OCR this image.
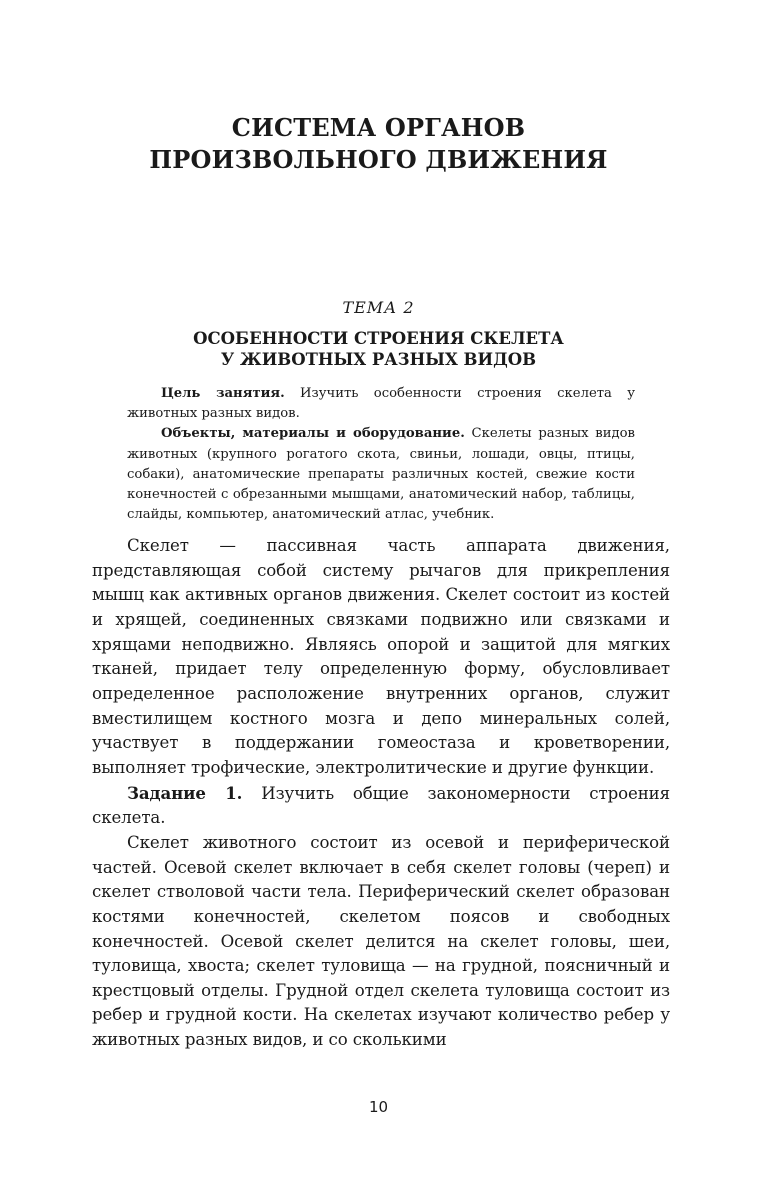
СИСТЕМА ОРГАНОВ
ПРОИЗВОЛЬНОГО ДВИЖЕНИЯ
ТЕМА 2
ОСОБЕННОСТИ СТРОЕНИЯ СКЕЛЕТА
У ЖИВОТНЫХ РАЗНЫХ ВИДОВ

Цель занятия. Изучить особенности строения скелета у животных разных видов.

Объекты, материалы и оборудование. Скелеты разных видов животных (крупного рогатого скота, свиньи, лошади, овцы, птицы, собаки), анатомические препараты различных костей, свежие кости конечностей с обрезанными мышцами, анатомический набор, таблицы, слайды, компьютер, анатомический атлас, учебник.

Скелет — пассивная часть аппарата движения, представляющая собой систему рычагов для прикрепления мышц как активных органов движения. Скелет состоит из костей и хрящей, соединенных связками подвижно или связками и хрящами неподвижно. Являясь опорой и защитой для мягких тканей, придает телу определенную форму, обусловливает определенное расположение внутренних органов, служит вместилищем костного мозга и депо минеральных солей, участвует в поддержании гомеостаза и кроветворении, выполняет трофические, электролитические и другие функции.

Задание 1. Изучить общие закономерности строения скелета.

Скелет животного состоит из осевой и периферической частей. Осевой скелет включает в себя скелет головы (череп) и скелет стволовой части тела. Периферический скелет образован костями конечностей, скелетом поясов и свободных конечностей. Осевой скелет делится на скелет головы, шеи, туловища, хвоста; скелет туловища — на грудной, поясничный и крестцовый отделы. Грудной отдел скелета туловища состоит из ребер и грудной кости. На скелетах изучают количество ребер у животных разных видов, и со сколькими

10
